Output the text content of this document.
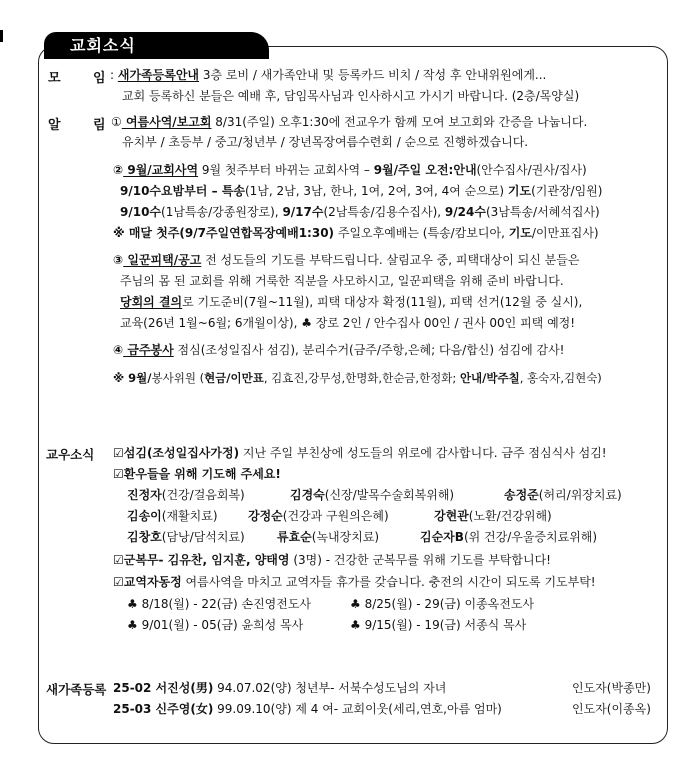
교회소식
모 임 : 새가족등록안내 3층 로비 / 새가족안내 및 등록카드 비치 / 작성 후 안내위원에게...
교회 등록하신 분들은 예배 후, 담임목사님과 인사하시고 가시기 바랍니다. (2층/목양실)
알 림 ① 여름사역/보고회 8/31(주일) 오후1:30에 전교우가 함께 모여 보고회와 간증을 나눕니다.
유치부 / 초등부 / 중고/청년부 / 장년목장여름수련회 / 순으로 진행하겠습니다.
② 9월/교회사역 9월 첫주부터 바뀌는 교회사역 – 9월/주일 오전:안내(안수집사/권사/집사)
9/10수요밤부터 – 특송(1남, 2남, 3남, 한나, 1여, 2여, 3여, 4여 순으로) 기도(기관장/임원)
9/10수(1남특송/강종원장로), 9/17수(2남특송/김용수집사), 9/24수(3남특송/서혜석집사)
※ 매달 첫주(9/7주일연합목장예배1:30) 주일오후예배는 (특송/캄보디아, 기도/이만표집사)
③ 일꾼피택/공고 전 성도들의 기도를 부탁드립니다. 살림교우 중, 피택대상이 되신 분들은
주님의 몸 된 교회를 위해 거룩한 직분을 사모하시고, 일꾼피택을 위해 준비 바랍니다.
당회의 결의로 기도준비(7월~11월), 피택 대상자 확정(11월), 피택 선거(12월 중 실시),
교육(26년 1월~6월; 6개월이상), ♣ 장로 2인 / 안수집사 00인 / 권사 00인 피택 예정!
④ 금주봉사 점심(조성일집사 섬김), 분리수거(금주/주항,은혜; 다음/합신) 섬김에 감사!
※ 9월/봉사위원 (현금/이만표, 김효진,강무성,한명화,한순금,한정화; 안내/박주칠, 홍숙자,김현숙)
교우소식 ☑섬김(조성일집사가정) 지난 주일 부친상에 성도들의 위로에 감사합니다. 금주 점심식사 섬김!
☑환우들을 위해 기도해 주세요!
진정자(건강/걸음회복)	김경숙(신장/발목수술회복위해)	송정준(허리/위장치료)
김송이(재활치료)	강정순(건강과 구원의은혜)	강현관(노환/건강위해)
김창호(담낭/담석치료)	류효순(녹내장치료)	김순자B(위 건강/우울증치료위해)
☑군복무- 김유찬, 임지훈, 양태영 (3명) - 건강한 군복무를 위해 기도를 부탁합니다!
☑교역자동정 여름사역을 마치고 교역자들 휴가를 갖습니다. 충전의 시간이 되도록 기도부탁!
♣ 8/18(월) - 22(금) 손진영전도사	♣ 8/25(월) - 29(금) 이종옥전도사
♣ 9/01(월) - 05(금) 윤희성 목사	♣ 9/15(월) - 19(금) 서종식 목사
새가족등록 25-02 서진성(男) 94.07.02(양) 청년부- 서북수성도님의 자녀	인도자(박종만)
25-03 신주영(女) 99.09.10(양) 제 4 여- 교회이웃(세리,연호,아름 엄마)	인도자(이종옥)
